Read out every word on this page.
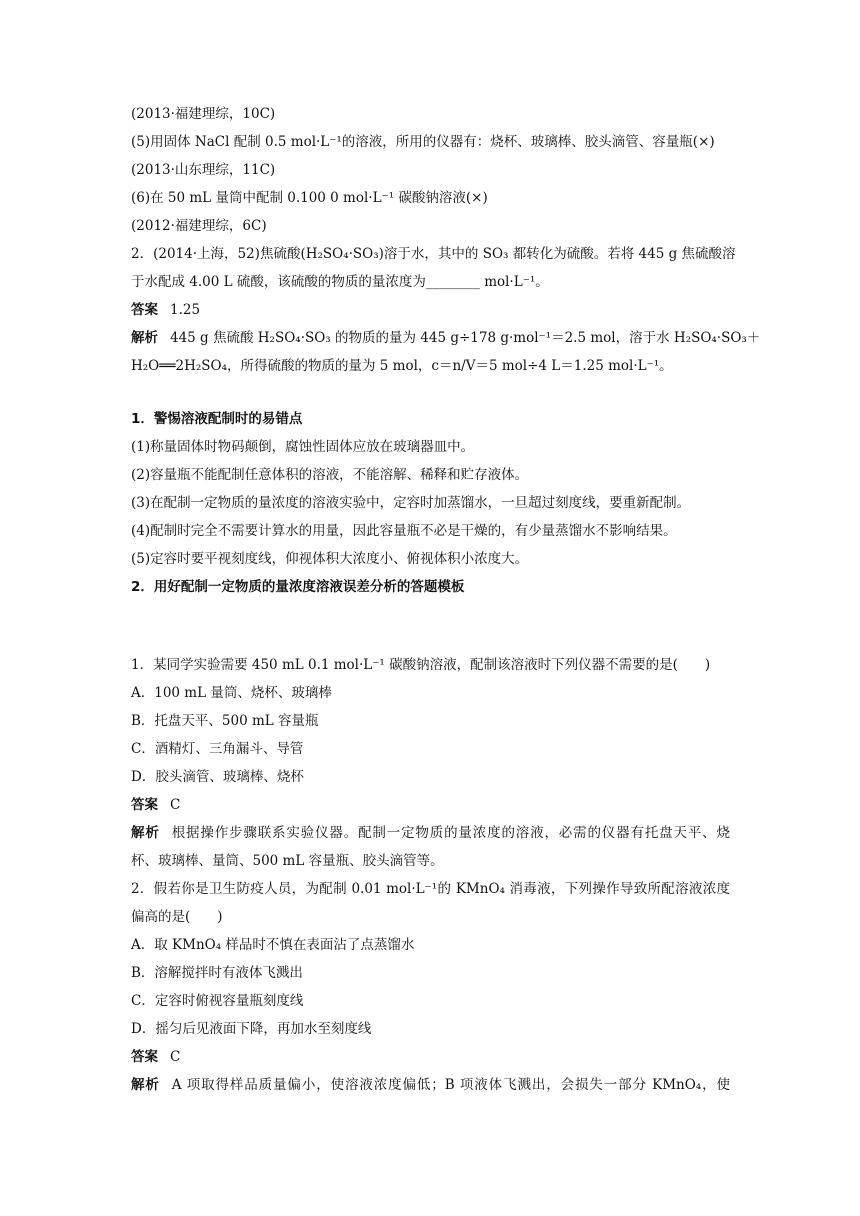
(2013·福建理综，10C)
(5)用固体 NaCl 配制 0.5 mol·L⁻¹的溶液，所用的仪器有：烧杯、玻璃棒、胶头滴管、容量瓶(×)
(2013·山东理综，11C)
(6)在 50 mL 量筒中配制 0.100 0 mol·L⁻¹ 碳酸钠溶液(×)
(2012·福建理综，6C)
2．(2014·上海，52)焦硫酸(H₂SO₄·SO₃)溶于水，其中的 SO₃ 都转化为硫酸。若将 445 g 焦硫酸溶
于水配成 4.00 L 硫酸，该硫酸的物质的量浓度为________ mol·L⁻¹。
答案 1.25
解析 445 g 焦硫酸 H₂SO₄·SO₃ 的物质的量为 445 g÷178 g·mol⁻¹＝2.5 mol，溶于水 H₂SO₄·SO₃＋
H₂O══2H₂SO₄，所得硫酸的物质的量为 5 mol，c＝n/V＝5 mol÷4 L＝1.25 mol·L⁻¹。
1．警惕溶液配制时的易错点
(1)称量固体时物码颠倒，腐蚀性固体应放在玻璃器皿中。
(2)容量瓶不能配制任意体积的溶液，不能溶解、稀释和贮存液体。
(3)在配制一定物质的量浓度的溶液实验中，定容时加蒸馏水，一旦超过刻度线，要重新配制。
(4)配制时完全不需要计算水的用量，因此容量瓶不必是干燥的，有少量蒸馏水不影响结果。
(5)定容时要平视刻度线，仰视体积大浓度小、俯视体积小浓度大。
2．用好配制一定物质的量浓度溶液误差分析的答题模板
1．某同学实验需要 450 mL 0.1 mol·L⁻¹ 碳酸钠溶液，配制该溶液时下列仪器不需要的是(　　)
A．100 mL 量筒、烧杯、玻璃棒
B．托盘天平、500 mL 容量瓶
C．酒精灯、三角漏斗、导管
D．胶头滴管、玻璃棒、烧杯
答案 C
解析 根据操作步骤联系实验仪器。配制一定物质的量浓度的溶液，必需的仪器有托盘天平、烧
杯、玻璃棒、量筒、500 mL 容量瓶、胶头滴管等。
2．假若你是卫生防疫人员，为配制 0.01 mol·L⁻¹的 KMnO₄ 消毒液，下列操作导致所配溶液浓度
偏高的是(　　)
A．取 KMnO₄ 样品时不慎在表面沾了点蒸馏水
B．溶解搅拌时有液体飞溅出
C．定容时俯视容量瓶刻度线
D．摇匀后见液面下降，再加水至刻度线
答案 C
解析 A 项取得样品质量偏小，使溶液浓度偏低；B 项液体飞溅出，会损失一部分 KMnO₄，使
